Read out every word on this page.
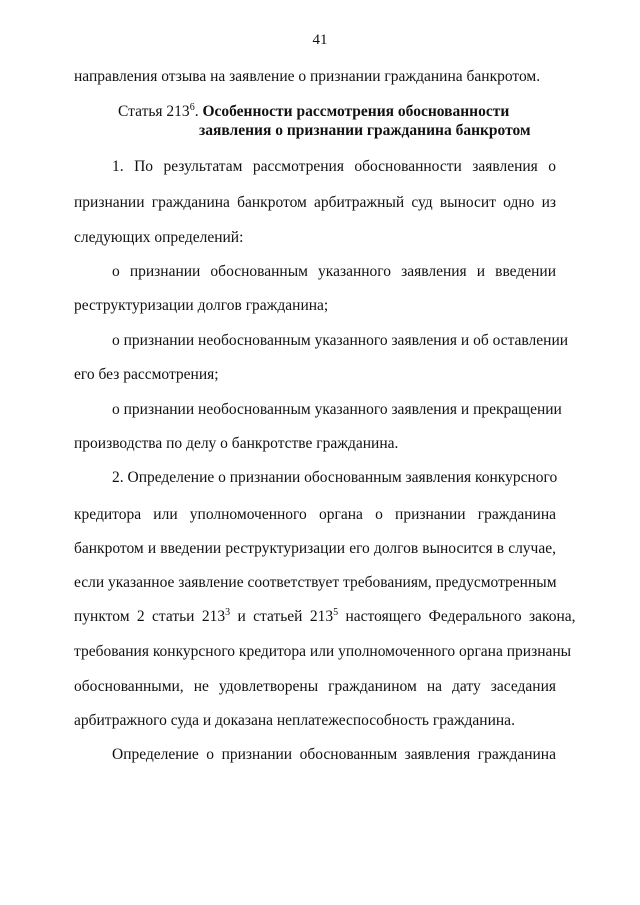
41
направления отзыва на заявление о признании гражданина банкротом.
Статья $213^6$. Особенности рассмотрения обоснованности
заявления о признании гражданина банкротом
1. По результатам рассмотрения обоснованности заявления о
признании гражданина банкротом арбитражный суд выносит одно из
следующих определений:
о признании обоснованным указанного заявления и введении
реструктуризации долгов гражданина;
о признании необоснованным указанного заявления и об оставлении
его без рассмотрения;
о признании необоснованным указанного заявления и прекращении
производства по делу о банкротстве гражданина.
2. Определение о признании обоснованным заявления конкурсного
кредитора или уполномоченного органа о признании гражданина
банкротом и введении реструктуризации его долгов выносится в случае,
если указанное заявление соответствует требованиям, предусмотренным
пунктом 2 статьи $213^3$ и статьей $213^5$ настоящего Федерального закона,
требования конкурсного кредитора или уполномоченного органа признаны
обоснованными, не удовлетворены гражданином на дату заседания
арбитражного суда и доказана неплатежеспособность гражданина.
Определение о признании обоснованным заявления гражданина
